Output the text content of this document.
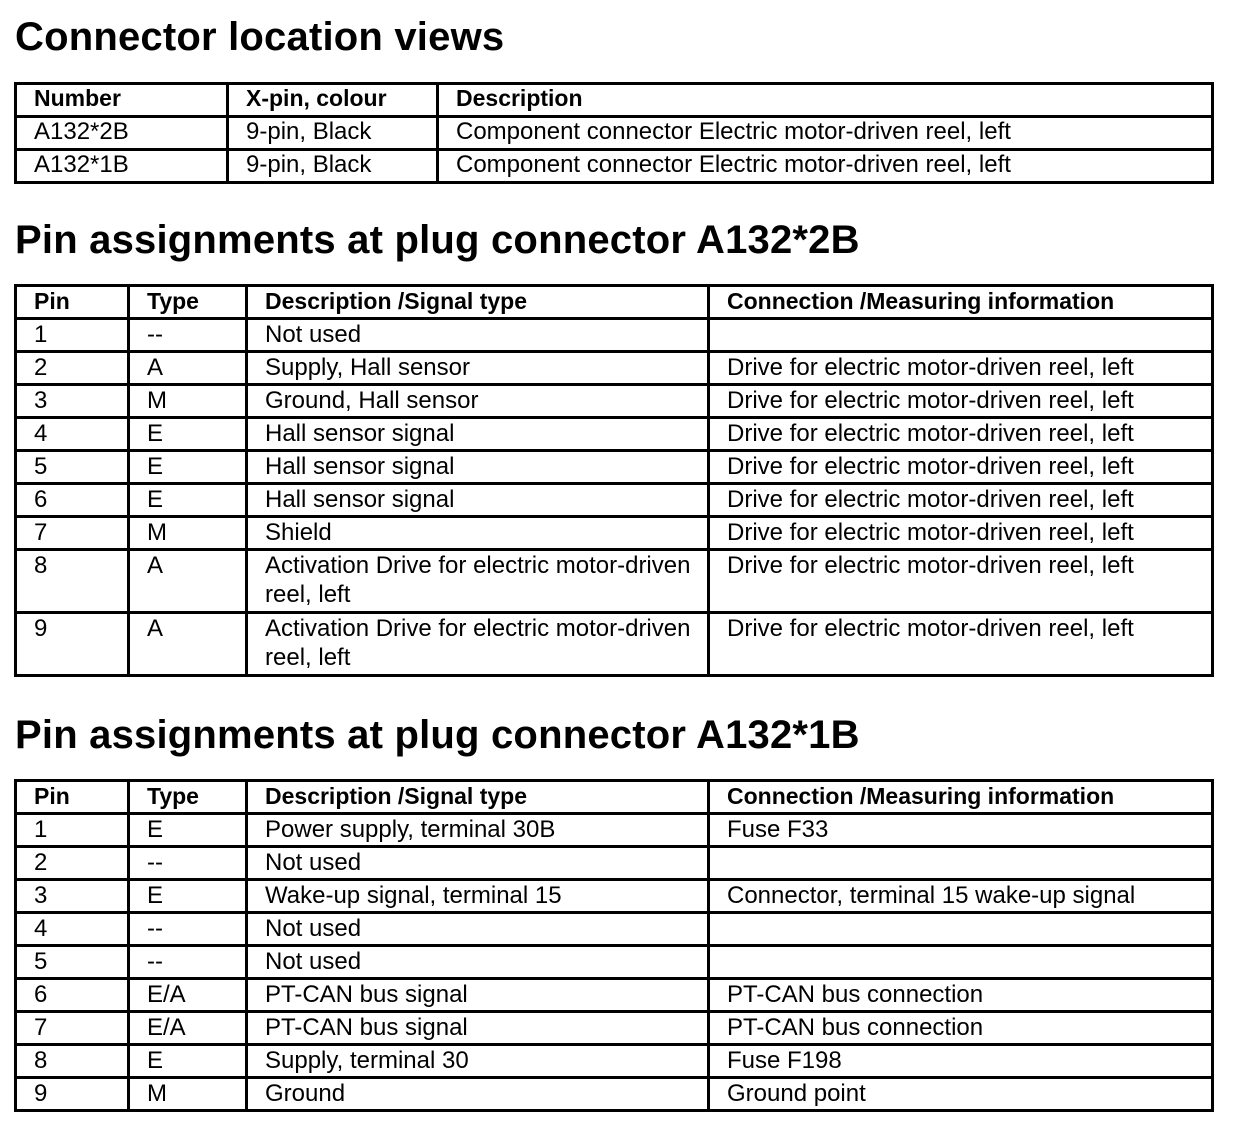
Connector location views
Number	X-pin, colour	Description
A132*2B	9-pin, Black	Component connector Electric motor-driven reel, left
A132*1B	9-pin, Black	Component connector Electric motor-driven reel, left
Pin assignments at plug connector A132*2B
Pin	Type	Description /Signal type	Connection /Measuring information
1	--	Not used	
2	A	Supply, Hall sensor	Drive for electric motor-driven reel, left
3	M	Ground, Hall sensor	Drive for electric motor-driven reel, left
4	E	Hall sensor signal	Drive for electric motor-driven reel, left
5	E	Hall sensor signal	Drive for electric motor-driven reel, left
6	E	Hall sensor signal	Drive for electric motor-driven reel, left
7	M	Shield	Drive for electric motor-driven reel, left
8	A	Activation Drive for electric motor-driven reel, left	Drive for electric motor-driven reel, left
9	A	Activation Drive for electric motor-driven reel, left	Drive for electric motor-driven reel, left
Pin assignments at plug connector A132*1B
Pin	Type	Description /Signal type	Connection /Measuring information
1	E	Power supply, terminal 30B	Fuse F33
2	--	Not used	
3	E	Wake-up signal, terminal 15	Connector, terminal 15 wake-up signal
4	--	Not used	
5	--	Not used	
6	E/A	PT-CAN bus signal	PT-CAN bus connection
7	E/A	PT-CAN bus signal	PT-CAN bus connection
8	E	Supply, terminal 30	Fuse F198
9	M	Ground	Ground point
